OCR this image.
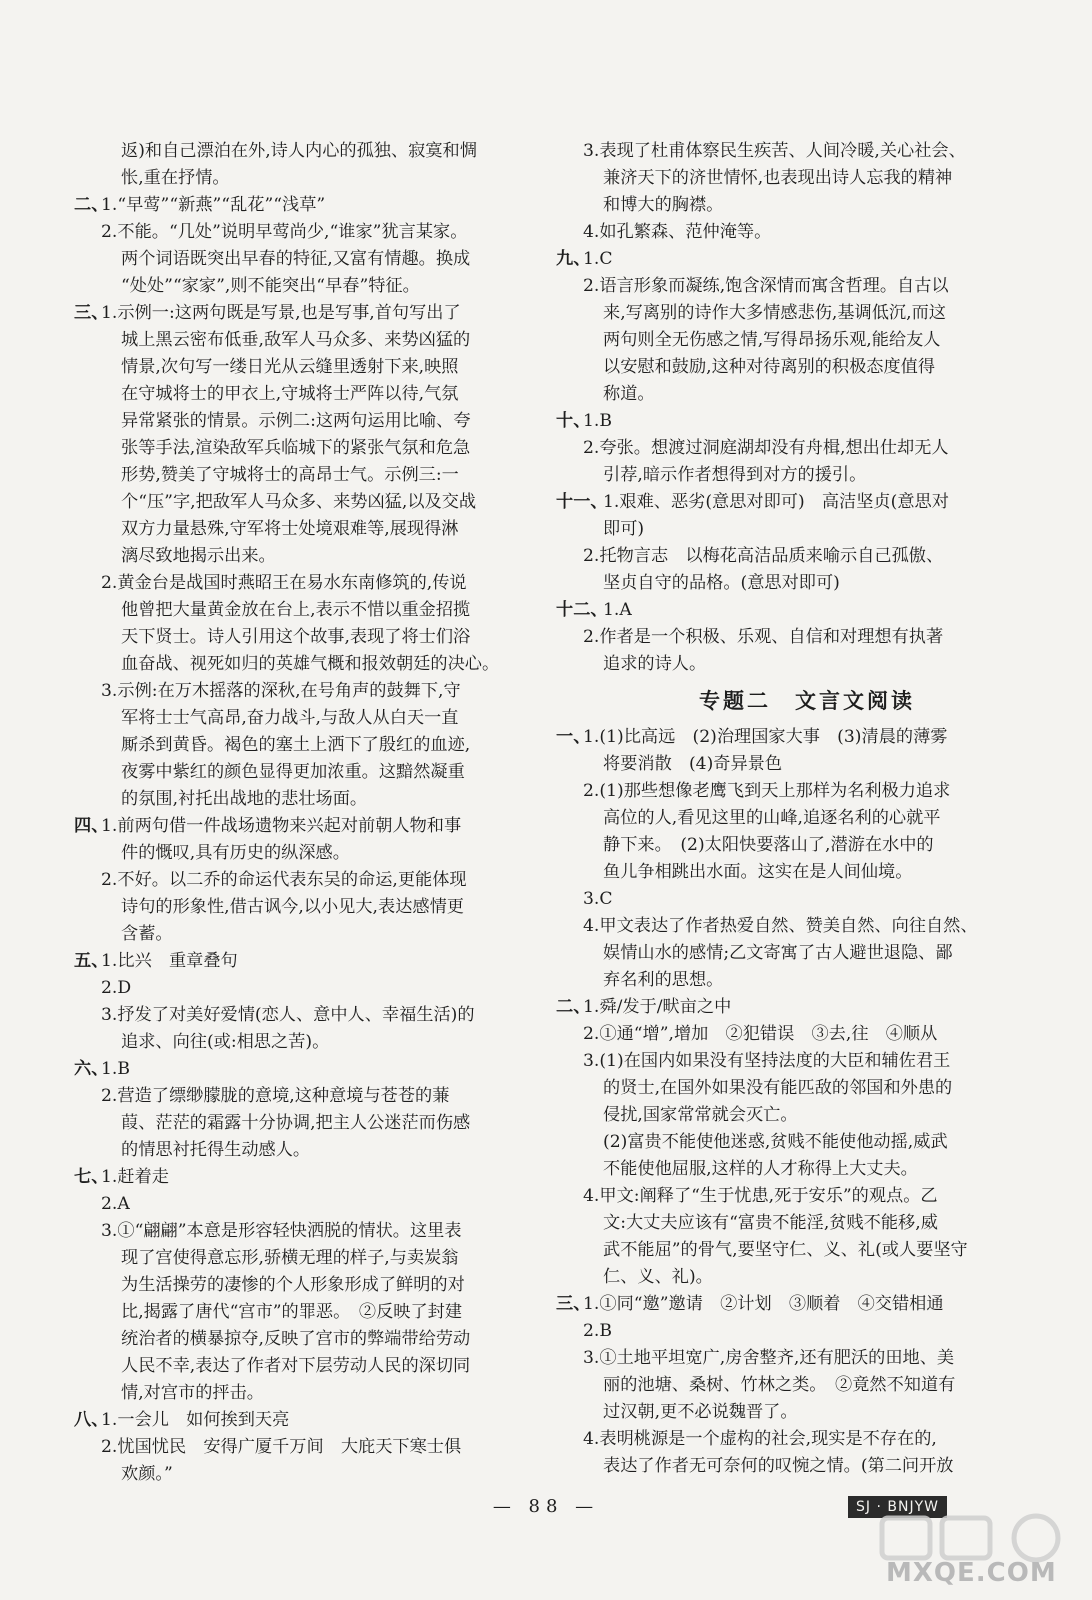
返)和自己漂泊在外,诗人内心的孤独、寂寞和惆
怅,重在抒情。
二、
1.“早莺”“新燕”“乱花”“浅草”
2.不能。“几处”说明早莺尚少,“谁家”犹言某家。
两个词语既突出早春的特征,又富有情趣。换成
“处处”“家家”,则不能突出“早春”特征。
三、
1.示例一:这两句既是写景,也是写事,首句写出了
城上黑云密布低垂,敌军人马众多、来势凶猛的
情景,次句写一缕日光从云缝里透射下来,映照
在守城将士的甲衣上,守城将士严阵以待,气氛
异常紧张的情景。示例二:这两句运用比喻、夸
张等手法,渲染敌军兵临城下的紧张气氛和危急
形势,赞美了守城将士的高昂士气。示例三:一
个“压”字,把敌军人马众多、来势凶猛,以及交战
双方力量悬殊,守军将士处境艰难等,展现得淋
漓尽致地揭示出来。
2.黄金台是战国时燕昭王在易水东南修筑的,传说
他曾把大量黄金放在台上,表示不惜以重金招揽
天下贤士。诗人引用这个故事,表现了将士们浴
血奋战、视死如归的英雄气概和报效朝廷的决心。
3.示例:在万木摇落的深秋,在号角声的鼓舞下,守
军将士士气高昂,奋力战斗,与敌人从白天一直
厮杀到黄昏。褐色的塞土上洒下了殷红的血迹,
夜雾中紫红的颜色显得更加浓重。这黯然凝重
的氛围,衬托出战地的悲壮场面。
四、
1.前两句借一件战场遗物来兴起对前朝人物和事
件的慨叹,具有历史的纵深感。
2.不好。以二乔的命运代表东吴的命运,更能体现
诗句的形象性,借古讽今,以小见大,表达感情更
含蓄。
五、
1.比兴　重章叠句
2.D
3.抒发了对美好爱情(恋人、意中人、幸福生活)的
追求、向往(或:相思之苦)。
六、
1.B
2.营造了缥缈朦胧的意境,这种意境与苍苍的蒹
葭、茫茫的霜露十分协调,把主人公迷茫而伤感
的情思衬托得生动感人。
七、
1.赶着走
2.A
3.①“翩翩”本意是形容轻快洒脱的情状。这里表
现了宫使得意忘形,骄横无理的样子,与卖炭翁
为生活操劳的凄惨的个人形象形成了鲜明的对
比,揭露了唐代“宫市”的罪恶。　②反映了封建
统治者的横暴掠夺,反映了宫市的弊端带给劳动
人民不幸,表达了作者对下层劳动人民的深切同
情,对宫市的抨击。
八、
1.一会儿　如何挨到天亮
2.忧国忧民　安得广厦千万间　大庇天下寒士俱
欢颜。”
3.表现了杜甫体察民生疾苦、人间冷暖,关心社会、
兼济天下的济世情怀,也表现出诗人忘我的精神
和博大的胸襟。
4.如孔繁森、范仲淹等。
九、
1.C
2.语言形象而凝练,饱含深情而寓含哲理。自古以
来,写离别的诗作大多情感悲伤,基调低沉,而这
两句则全无伤感之情,写得昂扬乐观,能给友人
以安慰和鼓励,这种对待离别的积极态度值得
称道。
十、
1.B
2.夸张。想渡过洞庭湖却没有舟楫,想出仕却无人
引荐,暗示作者想得到对方的援引。
十一、
1.艰难、恶劣(意思对即可)　高洁坚贞(意思对
即可)
2.托物言志　以梅花高洁品质来喻示自己孤傲、
坚贞自守的品格。(意思对即可)
十二、
1.A
2.作者是一个积极、乐观、自信和对理想有执著
追求的诗人。
专题二　文言文阅读
一、
1.(1)比高远　(2)治理国家大事　(3)清晨的薄雾
将要消散　(4)奇异景色
2.(1)那些想像老鹰飞到天上那样为名利极力追求
高位的人,看见这里的山峰,追逐名利的心就平
静下来。　(2)太阳快要落山了,潜游在水中的
鱼儿争相跳出水面。这实在是人间仙境。
3.C
4.甲文表达了作者热爱自然、赞美自然、向往自然、
娱情山水的感情;乙文寄寓了古人避世退隐、鄙
弃名利的思想。
二、
1.舜/发于/畎亩之中
2.①通“增”,增加　②犯错误　③去,往　④顺从
3.(1)在国内如果没有坚持法度的大臣和辅佐君王
的贤士,在国外如果没有能匹敌的邻国和外患的
侵扰,国家常常就会灭亡。
(2)富贵不能使他迷惑,贫贱不能使他动摇,威武
不能使他屈服,这样的人才称得上大丈夫。
4.甲文:阐释了“生于忧患,死于安乐”的观点。乙
文:大丈夫应该有“富贵不能淫,贫贱不能移,威
武不能屈”的骨气,要坚守仁、义、礼(或人要坚守
仁、义、礼)。
三、
1.①同“邀”邀请　②计划　③顺着　④交错相通
2.B
3.①土地平坦宽广,房舍整齐,还有肥沃的田地、美
丽的池塘、桑树、竹林之类。　②竟然不知道有
过汉朝,更不必说魏晋了。
4.表明桃源是一个虚构的社会,现实是不存在的,
表达了作者无可奈何的叹惋之情。(第二问开放
— 88 —	SJ · BNJYW
MXQE.COM
